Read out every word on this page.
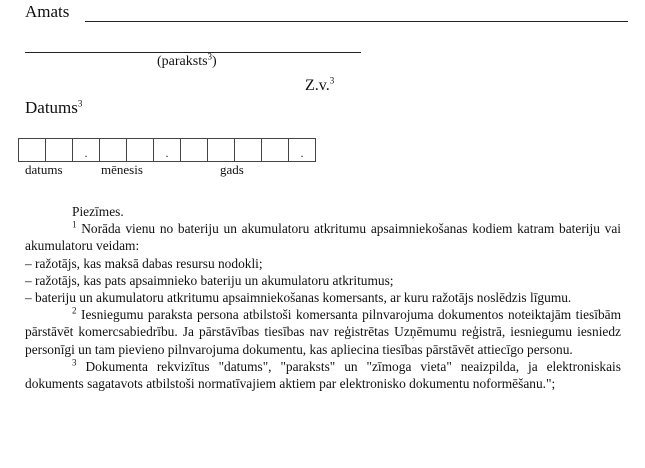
Amats
(paraksts$^3$)
Z.v.$^3$
Datums$^3$
		.			.					.
datums	mēnesis	gads

Piezīmes.

$^1$ Norāda vienu no bateriju un akumulatoru atkritumu apsaimniekošanas kodiem katram bateriju vai akumulatoru veidam:

– ražotājs, kas maksā dabas resursu nodokli;

– ražotājs, kas pats apsaimnieko bateriju un akumulatoru atkritumus;

– bateriju un akumulatoru atkritumu apsaimniekošanas komersants, ar kuru ražotājs noslēdzis līgumu.

$^2$ Iesniegumu paraksta persona atbilstoši komersanta pilnvarojuma dokumentos noteiktajām tiesībām pārstāvēt komercsabiedrību. Ja pārstāvības tiesības nav reģistrētas Uzņēmumu reģistrā, iesniegumu iesniedz personīgi un tam pievieno pilnvarojuma dokumentu, kas apliecina tiesības pārstāvēt attiecīgo personu.

$^3$ Dokumenta rekvizītus "datums", "paraksts" un "zīmoga vieta" neaizpilda, ja elektroniskais dokuments sagatavots atbilstoši normatīvajiem aktiem par elektronisko dokumentu noformēšanu.";
